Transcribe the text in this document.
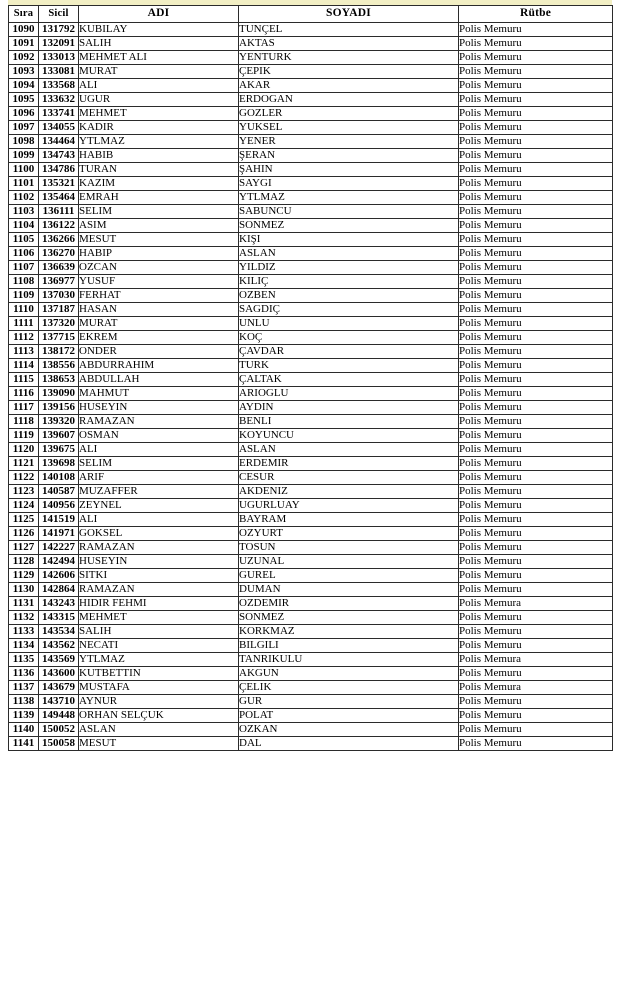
Sıra	Sicil	ADI	SOYADI	Rütbe
1090	131792	KUBILAY	TUNÇEL	Polis Memuru
1091	132091	SALIH	AKTAS	Polis Memuru
1092	133013	MEHMET ALI	YENTURK	Polis Memuru
1093	133081	MURAT	ÇEPIK	Polis Memuru
1094	133568	ALI	AKAR	Polis Memuru
1095	133632	UGUR	ERDOGAN	Polis Memuru
1096	133741	MEHMET	GOZLER	Polis Memuru
1097	134055	KADIR	YUKSEL	Polis Memuru
1098	134464	YTLMAZ	YENER	Polis Memuru
1099	134743	HABIB	ŞERAN	Polis Memuru
1100	134786	TURAN	ŞAHIN	Polis Memuru
1101	135321	KAZIM	SAYGI	Polis Memuru
1102	135464	EMRAH	YTLMAZ	Polis Memuru
1103	136111	SELIM	SABUNCU	Polis Memuru
1104	136122	ASIM	SONMEZ	Polis Memuru
1105	136266	MESUT	KIŞI	Polis Memuru
1106	136270	HABIP	ASLAN	Polis Memuru
1107	136639	OZCAN	YILDIZ	Polis Memuru
1108	136977	YUSUF	KILIÇ	Polis Memuru
1109	137030	FERHAT	OZBEN	Polis Memuru
1110	137187	HASAN	SAGDIÇ	Polis Memuru
1111	137320	MURAT	UNLU	Polis Memuru
1112	137715	EKREM	KOÇ	Polis Memuru
1113	138172	ONDER	ÇAVDAR	Polis Memuru
1114	138556	ABDURRAHIM	TURK	Polis Memuru
1115	138653	ABDULLAH	ÇALTAK	Polis Memuru
1116	139090	MAHMUT	ARIOGLU	Polis Memuru
1117	139156	HUSEYIN	AYDIN	Polis Memuru
1118	139320	RAMAZAN	BENLI	Polis Memuru
1119	139607	OSMAN	KOYUNCU	Polis Memuru
1120	139675	ALI	ASLAN	Polis Memuru
1121	139698	SELIM	ERDEMIR	Polis Memuru
1122	140108	ARIF	CESUR	Polis Memuru
1123	140587	MUZAFFER	AKDENIZ	Polis Memuru
1124	140956	ZEYNEL	UGURLUAY	Polis Memuru
1125	141519	ALI	BAYRAM	Polis Memuru
1126	141971	GOKSEL	OZYURT	Polis Memuru
1127	142227	RAMAZAN	TOSUN	Polis Memuru
1128	142494	HUSEYIN	UZUNAL	Polis Memuru
1129	142606	SITKI	GUREL	Polis Memuru
1130	142864	RAMAZAN	DUMAN	Polis Memuru
1131	143243	HIDIR FEHMI	OZDEMIR	Polis Memura
1132	143315	MEHMET	SONMEZ	Polis Memuru
1133	143534	SALIH	KORKMAZ	Polis Memuru
1134	143562	NECATI	BILGILI	Polis Memuru
1135	143569	YTLMAZ	TANRIKULU	Polis Memura
1136	143600	KUTBETTIN	AKGUN	Polis Memuru
1137	143679	MUSTAFA	ÇELIK	Polis Memura
1138	143710	AYNUR	GUR	Polis Memuru
1139	149448	ORHAN SELÇUK	POLAT	Polis Memuru
1140	150052	ASLAN	OZKAN	Polis Memuru
1141	150058	MESUT	DAL	Polis Memuru
